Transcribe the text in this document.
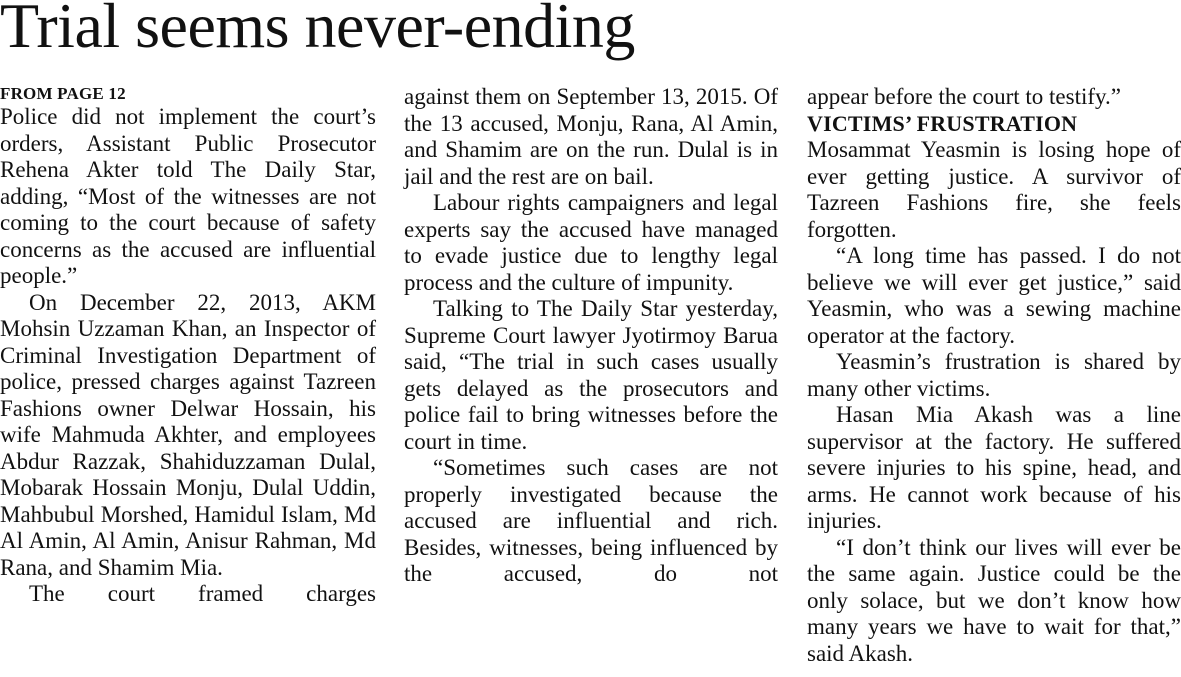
Trial seems never-ending
FROM PAGE 12

Police did not implement the court’s orders, Assistant Public Prosecutor Rehena Akter told The Daily Star, adding, “Most of the witnesses are not coming to the court because of safety concerns as the accused are influential people.”

On December 22, 2013, AKM Mohsin Uzzaman Khan, an Inspector of Criminal Investigation Department of police, pressed charges against Tazreen Fashions owner Delwar Hossain, his wife Mahmuda Akhter, and employees Abdur Razzak, Shahiduzzaman Dulal, Mobarak Hossain Monju, Dulal Uddin, Mahbubul Morshed, Hamidul Islam, Md Al Amin, Al Amin, Anisur Rahman, Md Rana, and Shamim Mia.

The court framed charges

against them on September 13, 2015. Of the 13 accused, Monju, Rana, Al Amin, and Shamim are on the run. Dulal is in jail and the rest are on bail.

Labour rights campaigners and legal experts say the accused have managed to evade justice due to lengthy legal process and the culture of impunity.

Talking to The Daily Star yesterday, Supreme Court lawyer Jyotirmoy Barua said, “The trial in such cases usually gets delayed as the prosecutors and police fail to bring witnesses before the court in time.

“Sometimes such cases are not properly investigated because the accused are influential and rich. Besides, witnesses, being influenced by the accused, do not

appear before the court to testify.”

VICTIMS’ FRUSTRATION

Mosammat Yeasmin is losing hope of ever getting justice. A survivor of Tazreen Fashions fire, she feels forgotten.

“A long time has passed. I do not believe we will ever get justice,” said Yeasmin, who was a sewing machine operator at the factory.

Yeasmin’s frustration is shared by many other victims.

Hasan Mia Akash was a line supervisor at the factory. He suffered severe injuries to his spine, head, and arms. He cannot work because of his injuries.

“I don’t think our lives will ever be the same again. Justice could be the only solace, but we don’t know how many years we have to wait for that,” said Akash.
